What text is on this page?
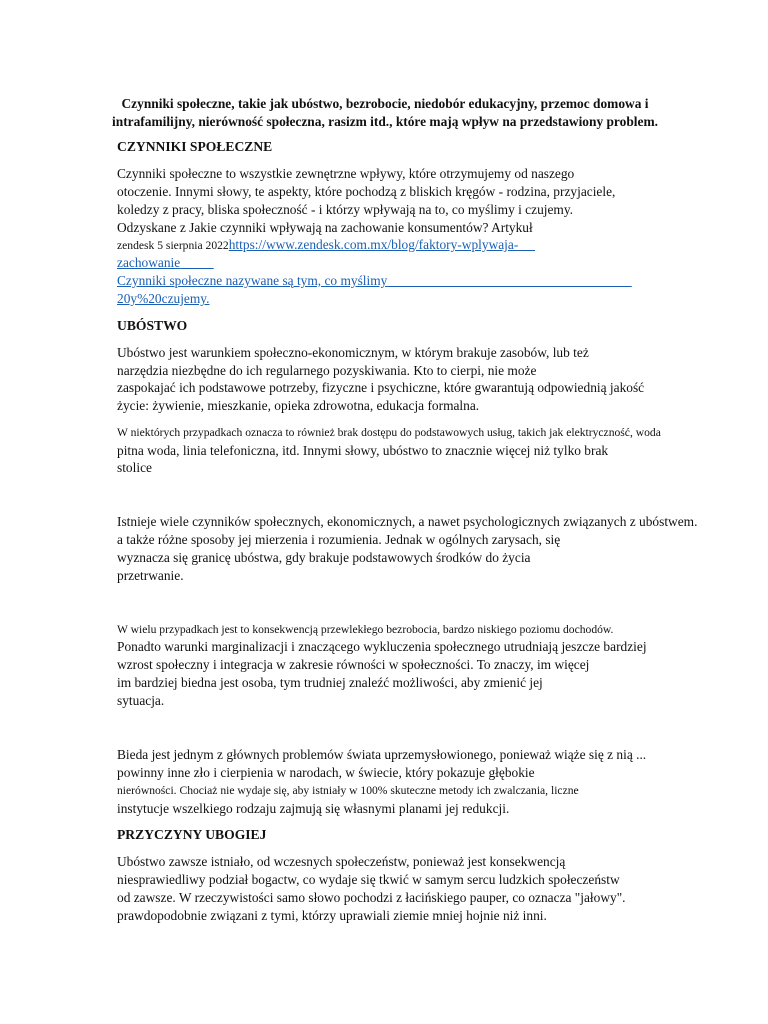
Czynniki społeczne, takie jak ubóstwo, bezrobocie, niedobór edukacyjny, przemoc domowa i
intrafamilijny, nierówność społeczna, rasizm itd., które mają wpływ na przedstawiony problem.
CZYNNIKI SPOŁECZNE
Czynniki społeczne to wszystkie zewnętrzne wpływy, które otrzymujemy od naszego
otoczenie. Innymi słowy, te aspekty, które pochodzą z bliskich kręgów - rodzina, przyjaciele,
koledzy z pracy, bliska społeczność - i którzy wpływają na to, co myślimy i czujemy.
Odzyskane z Jakie czynniki wpływają na zachowanie konsumentów? Artykuł
zendesk 5 sierpnia 2022https://www.zendesk.com.mx/blog/faktory-wplywaja-
zachowanie
Czynniki społeczne nazywane są tym, co myślimy
20y%20czujemy.
UBÓSTWO
Ubóstwo jest warunkiem społeczno-ekonomicznym, w którym brakuje zasobów, lub też
narzędzia niezbędne do ich regularnego pozyskiwania. Kto to cierpi, nie może
zaspokajać ich podstawowe potrzeby, fizyczne i psychiczne, które gwarantują odpowiednią jakość
życie: żywienie, mieszkanie, opieka zdrowotna, edukacja formalna.
W niektórych przypadkach oznacza to również brak dostępu do podstawowych usług, takich jak elektryczność, woda
pitna woda, linia telefoniczna, itd. Innymi słowy, ubóstwo to znacznie więcej niż tylko brak
stolice
Istnieje wiele czynników społecznych, ekonomicznych, a nawet psychologicznych związanych z ubóstwem.
a także różne sposoby jej mierzenia i rozumienia. Jednak w ogólnych zarysach, się
wyznacza się granicę ubóstwa, gdy brakuje podstawowych środków do życia
przetrwanie.
W wielu przypadkach jest to konsekwencją przewlekłego bezrobocia, bardzo niskiego poziomu dochodów.
Ponadto warunki marginalizacji i znaczącego wykluczenia społecznego utrudniają jeszcze bardziej
wzrost społeczny i integracja w zakresie równości w społeczności. To znaczy, im więcej
im bardziej biedna jest osoba, tym trudniej znaleźć możliwości, aby zmienić jej
sytuacja.
Bieda jest jednym z głównych problemów świata uprzemysłowionego, ponieważ wiąże się z nią ...
powinny inne zło i cierpienia w narodach, w świecie, który pokazuje głębokie
nierówności. Chociaż nie wydaje się, aby istniały w 100% skuteczne metody ich zwalczania, liczne
instytucje wszelkiego rodzaju zajmują się własnymi planami jej redukcji.
PRZYCZYNY UBOGIEJ
Ubóstwo zawsze istniało, od wczesnych społeczeństw, ponieważ jest konsekwencją
niesprawiedliwy podział bogactw, co wydaje się tkwić w samym sercu ludzkich społeczeństw
od zawsze. W rzeczywistości samo słowo pochodzi z łacińskiego pauper, co oznacza "jałowy".
prawdopodobnie związani z tymi, którzy uprawiali ziemie mniej hojnie niż inni.
